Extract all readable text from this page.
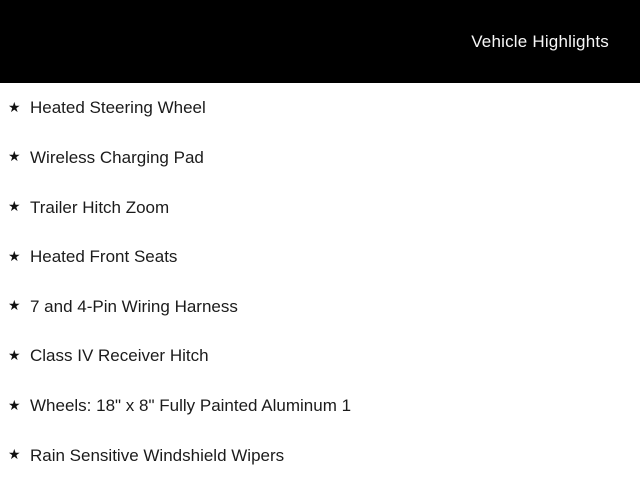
Vehicle Highlights
★ Heated Steering Wheel
★ Wireless Charging Pad
★ Trailer Hitch Zoom
★ Heated Front Seats
★ 7 and 4-Pin Wiring Harness
★ Class IV Receiver Hitch
★ Wheels: 18" x 8" Fully Painted Aluminum 1
★ Rain Sensitive Windshield Wipers
